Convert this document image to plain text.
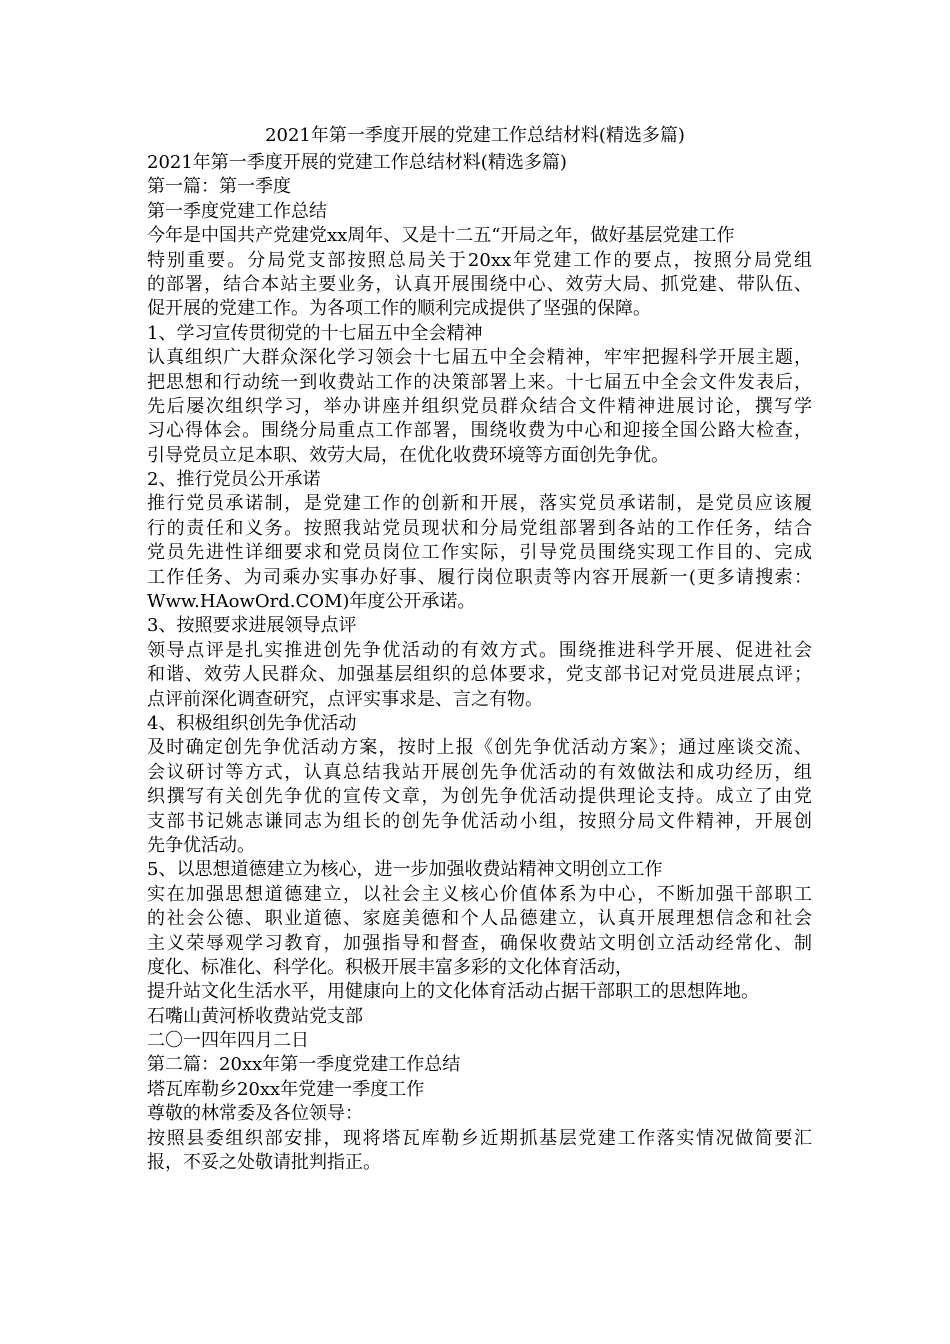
2021年第一季度开展的党建工作总结材料(精选多篇)
2021年第一季度开展的党建工作总结材料(精选多篇)
第一篇：第一季度
第一季度党建工作总结
今年是中国共产党建党xx周年、又是十二五“开局之年，做好基层党建工作
特别重要。分局党支部按照总局关于20xx年党建工作的要点，按照分局党组
的部署，结合本站主要业务，认真开展围绕中心、效劳大局、抓党建、带队伍、
促开展的党建工作。为各项工作的顺利完成提供了坚强的保障。
1、学习宣传贯彻党的十七届五中全会精神
认真组织广大群众深化学习领会十七届五中全会精神，牢牢把握科学开展主题，
把思想和行动统一到收费站工作的决策部署上来。十七届五中全会文件发表后，
先后屡次组织学习，举办讲座并组织党员群众结合文件精神进展讨论，撰写学
习心得体会。围绕分局重点工作部署，围绕收费为中心和迎接全国公路大检查，
引导党员立足本职、效劳大局，在优化收费环境等方面创先争优。
2、推行党员公开承诺
推行党员承诺制，是党建工作的创新和开展，落实党员承诺制，是党员应该履
行的责任和义务。按照我站党员现状和分局党组部署到各站的工作任务，结合
党员先进性详细要求和党员岗位工作实际，引导党员围绕实现工作目的、完成
工作任务、为司乘办实事办好事、履行岗位职责等内容开展新一(更多请搜索：
Www.HAowOrd.COM)年度公开承诺。
3、按照要求进展领导点评
领导点评是扎实推进创先争优活动的有效方式。围绕推进科学开展、促进社会
和谐、效劳人民群众、加强基层组织的总体要求，党支部书记对党员进展点评；
点评前深化调查研究，点评实事求是、言之有物。
4、积极组织创先争优活动
及时确定创先争优活动方案，按时上报《创先争优活动方案》；通过座谈交流、
会议研讨等方式，认真总结我站开展创先争优活动的有效做法和成功经历，组
织撰写有关创先争优的宣传文章，为创先争优活动提供理论支持。成立了由党
支部书记姚志谦同志为组长的创先争优活动小组，按照分局文件精神，开展创
先争优活动。
5、以思想道德建立为核心，进一步加强收费站精神文明创立工作
实在加强思想道德建立，以社会主义核心价值体系为中心，不断加强干部职工
的社会公德、职业道德、家庭美德和个人品德建立，认真开展理想信念和社会
主义荣辱观学习教育，加强指导和督查，确保收费站文明创立活动经常化、制
度化、标准化、科学化。积极开展丰富多彩的文化体育活动，
提升站文化生活水平，用健康向上的文化体育活动占据干部职工的思想阵地。
石嘴山黄河桥收费站党支部
二〇一四年四月二日
第二篇：20xx年第一季度党建工作总结
塔瓦库勒乡20xx年党建一季度工作
尊敬的林常委及各位领导：
按照县委组织部安排，现将塔瓦库勒乡近期抓基层党建工作落实情况做简要汇
报，不妥之处敬请批判指正。
